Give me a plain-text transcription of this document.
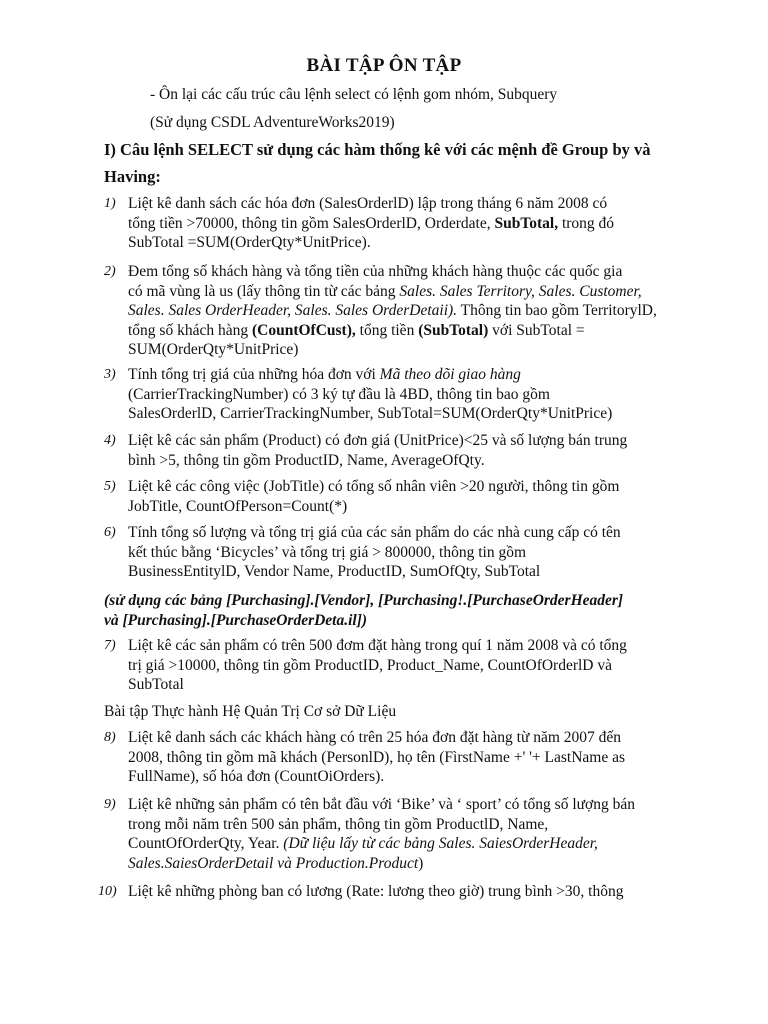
BÀI TẬP ÔN TẬP
- Ôn lại các cấu trúc câu lệnh select có lệnh gom nhóm, Subquery
(Sử dụng CSDL AdventureWorks2019)
I) Câu lệnh SELECT sử dụng các hàm thống kê với các mệnh đề Group by và
Having:
1) Liệt kê danh sách các hóa đơn (SalesOrderlD) lập trong tháng 6 năm 2008 có
tổng tiền >70000, thông tin gồm SalesOrderlD, Orderdate, SubTotal, trong đó
SubTotal =SUM(OrderQty*UnitPrice).
2) Đem tổng số khách hàng và tổng tiền của những khách hàng thuộc các quốc gia
có mã vùng là us (lấy thông tin từ các bảng Sales. Sales Territory, Sales. Customer,
Sales. Sales OrderHeader, Sales. Sales OrderDetaii). Thông tin bao gồm TerritorylD,
tổng số khách hàng (CountOfCust), tổng tiền (SubTotal) với SubTotal =
SUM(OrderQty*UnitPrice)
3) Tính tổng trị giá của những hóa đơn với Mã theo dõi giao hàng
(CarrierTrackingNumber) có 3 ký tự đầu là 4BD, thông tin bao gồm
SalesOrderlD, CarrierTrackingNumber, SubTotal=SUM(OrderQty*UnitPrice)
4) Liệt kê các sản phẩm (Product) có đơn giá (UnitPrice)<25 và số lượng bán trung
bình >5, thông tin gồm ProductID, Name, AverageOfQty.
5) Liệt kê các công việc (JobTitle) có tổng số nhân viên >20 người, thông tin gồm
JobTitle, CountOfPerson=Count(*)
6) Tính tổng số lượng và tổng trị giá của các sản phẩm do các nhà cung cấp có tên
kết thúc bằng ‘Bicycles’ và tổng trị giá > 800000, thông tin gồm
BusinessEntitylD, Vendor Name, ProductID, SumOfQty, SubTotal
(sử dụng các bảng [Purchasing].[Vendor], [Purchasing!.[PurchaseOrderHeader]
và [Purchasing].[PurchaseOrderDeta.il])
7) Liệt kê các sản phẩm có trên 500 đơm đặt hàng trong quí 1 năm 2008 và có tổng
trị giá >10000, thông tin gồm ProductID, Product_Name, CountOfOrderlD và
SubTotal
Bài tập Thực hành Hệ Quản Trị Cơ sở Dữ Liệu
8) Liệt kê danh sách các khách hàng có trên 25 hóa đơn đặt hàng từ năm 2007 đến
2008, thông tin gồm mã khách (PersonlD), họ tên (FìrstName +' '+ LastName as
FullName), số hóa đơn (CountOiOrders).
9) Liệt kê những sản phẩm có tên bắt đầu với ‘Bike’ và ‘ sport’ có tổng số lượng bán
trong mỗi năm trên 500 sản phẩm, thông tin gồm ProductlD, Name,
CountOfOrderQty, Year. (Dữ liệu lấy từ các bảng Sales. SaiesOrderHeader,
Sales.SaiesOrderDetail và Production.Product)
10) Liệt kê những phòng ban có lương (Rate: lương theo giờ) trung bình >30, thông
